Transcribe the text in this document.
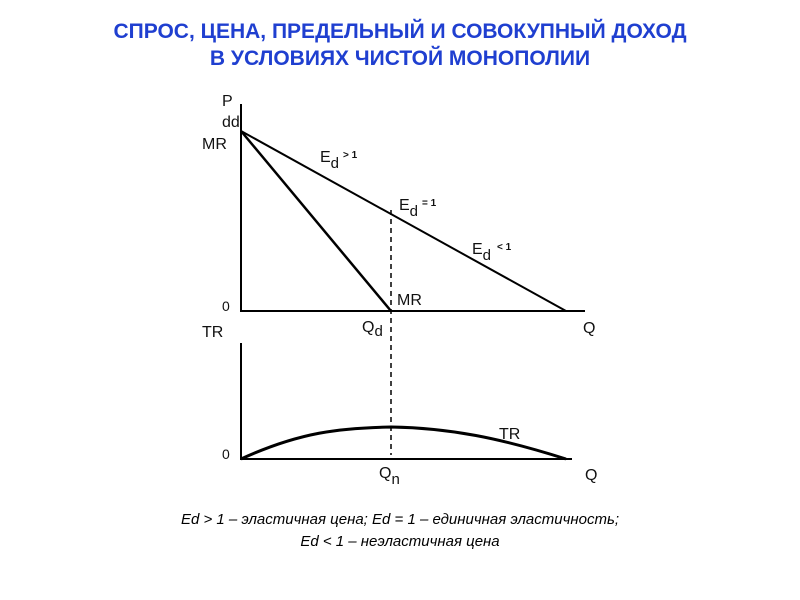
СПРОС, ЦЕНА, ПРЕДЕЛЬНЫЙ И СОВОКУПНЫЙ ДОХОД
В УСЛОВИЯХ ЧИСТОЙ МОНОПОЛИИ
P
dd
MR
0
Q
MR
Qd
Ed $^{> 1}$
Ed $^{= 1}$
Ed $^{< 1}$
TR
0
Q
TR
Qn
Ed > 1 – эластичная цена; Ed = 1 – единичная эластичность;
Ed < 1 – неэластичная цена
